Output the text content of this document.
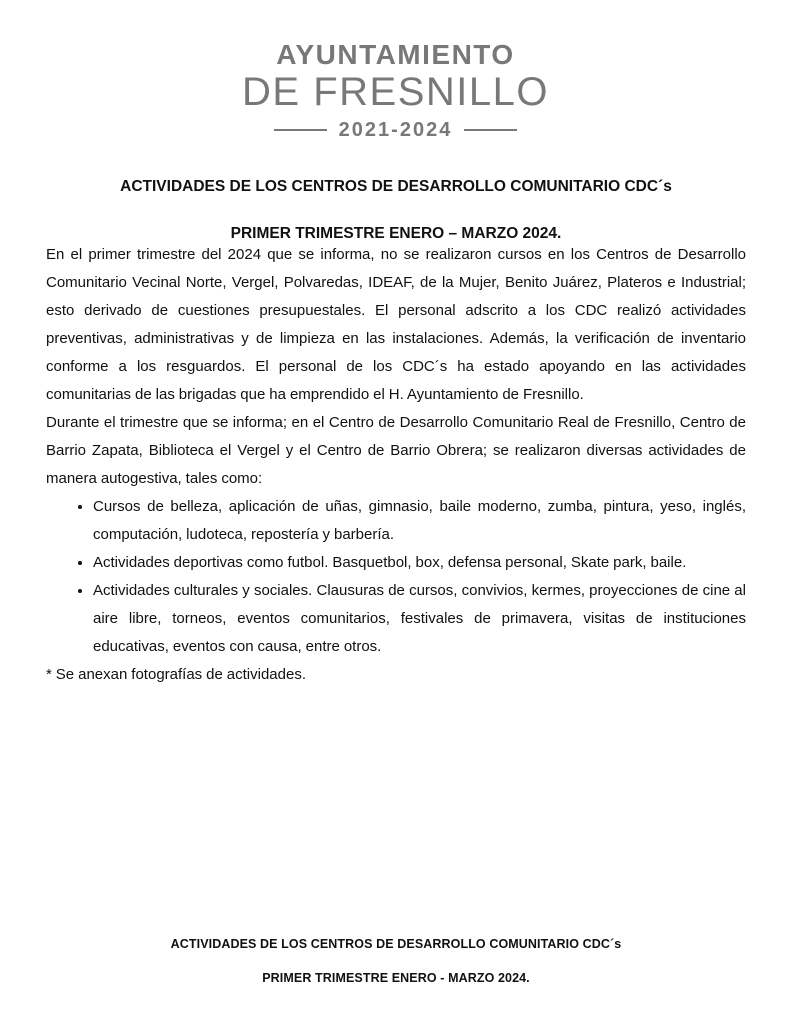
AYUNTAMIENTO
DE FRESNILLO
2021-2024

ACTIVIDADES DE LOS CENTROS DE DESARROLLO COMUNITARIO CDC´s

PRIMER TRIMESTRE ENERO – MARZO 2024.

En el primer trimestre del 2024 que se informa, no se realizaron cursos en los Centros de Desarrollo Comunitario Vecinal Norte, Vergel, Polvaredas, IDEAF, de la Mujer, Benito Juárez, Plateros e Industrial; esto derivado de cuestiones presupuestales. El personal adscrito a los CDC realizó actividades preventivas, administrativas y de limpieza en las instalaciones. Además, la verificación de inventario conforme a los resguardos. El personal de los CDC´s ha estado apoyando en las actividades comunitarias de las brigadas que ha emprendido el H. Ayuntamiento de Fresnillo.

Durante el trimestre que se informa; en el Centro de Desarrollo Comunitario Real de Fresnillo, Centro de Barrio Zapata, Biblioteca el Vergel y el Centro de Barrio Obrera; se realizaron diversas actividades de manera autogestiva, tales como:

• Cursos de belleza, aplicación de uñas, gimnasio, baile moderno, zumba, pintura, yeso, inglés, computación, ludoteca, repostería y barbería.
• Actividades deportivas como futbol. Basquetbol, box, defensa personal, Skate park, baile.
• Actividades culturales y sociales. Clausuras de cursos, convivios, kermes, proyecciones de cine al aire libre, torneos, eventos comunitarios, festivales de primavera, visitas de instituciones educativas, eventos con causa, entre otros.

* Se anexan fotografías de actividades.

ACTIVIDADES DE LOS CENTROS DE DESARROLLO COMUNITARIO CDC´s

PRIMER TRIMESTRE ENERO - MARZO 2024.
